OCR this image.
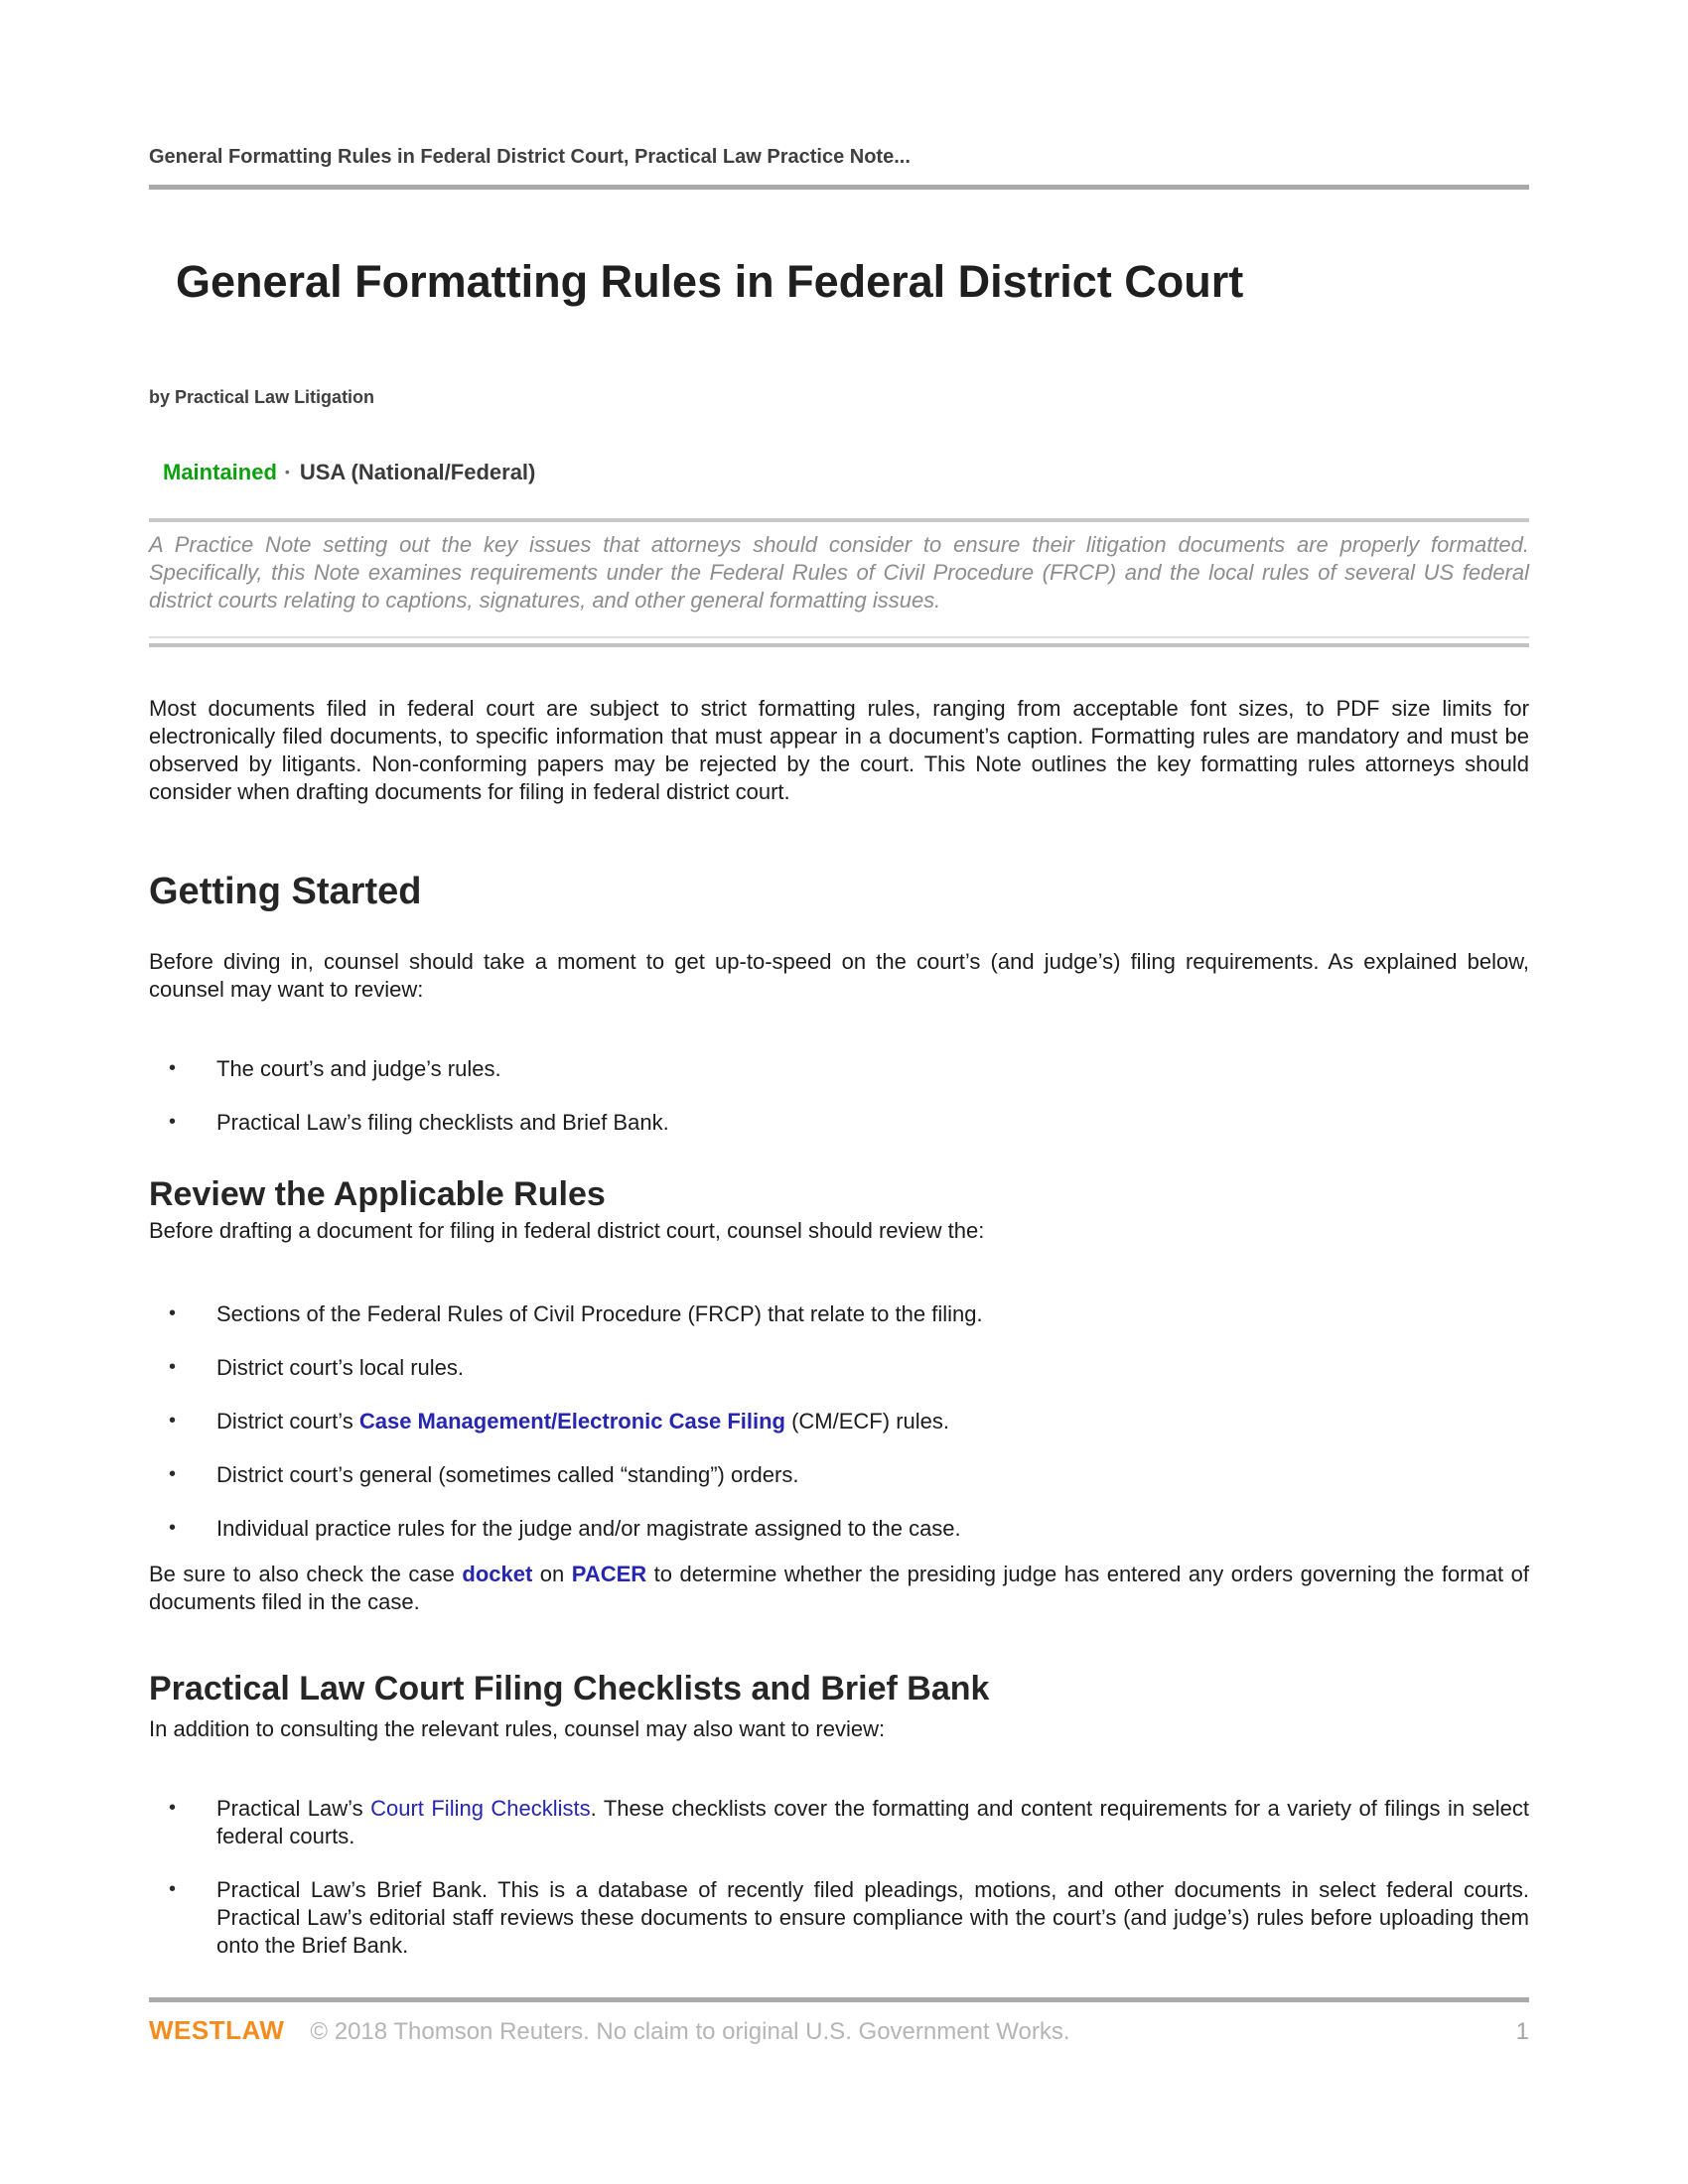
General Formatting Rules in Federal District Court, Practical Law Practice Note...
General Formatting Rules in Federal District Court
by Practical Law Litigation
Maintained • USA (National/Federal)
A Practice Note setting out the key issues that attorneys should consider to ensure their litigation documents are properly formatted. Specifically, this Note examines requirements under the Federal Rules of Civil Procedure (FRCP) and the local rules of several US federal district courts relating to captions, signatures, and other general formatting issues.
Most documents filed in federal court are subject to strict formatting rules, ranging from acceptable font sizes, to PDF size limits for electronically filed documents, to specific information that must appear in a document’s caption. Formatting rules are mandatory and must be observed by litigants. Non-conforming papers may be rejected by the court. This Note outlines the key formatting rules attorneys should consider when drafting documents for filing in federal district court.
Getting Started
Before diving in, counsel should take a moment to get up-to-speed on the court’s (and judge’s) filing requirements. As explained below, counsel may want to review:
• The court’s and judge’s rules.
• Practical Law’s filing checklists and Brief Bank.
Review the Applicable Rules
Before drafting a document for filing in federal district court, counsel should review the:
• Sections of the Federal Rules of Civil Procedure (FRCP) that relate to the filing.
• District court’s local rules.
• District court’s Case Management/Electronic Case Filing (CM/ECF) rules.
• District court’s general (sometimes called “standing”) orders.
• Individual practice rules for the judge and/or magistrate assigned to the case.
Be sure to also check the case docket on PACER to determine whether the presiding judge has entered any orders governing the format of documents filed in the case.
Practical Law Court Filing Checklists and Brief Bank
In addition to consulting the relevant rules, counsel may also want to review:
• Practical Law’s Court Filing Checklists. These checklists cover the formatting and content requirements for a variety of filings in select federal courts.
• Practical Law’s Brief Bank. This is a database of recently filed pleadings, motions, and other documents in select federal courts. Practical Law’s editorial staff reviews these documents to ensure compliance with the court’s (and judge’s) rules before uploading them onto the Brief Bank.
WESTLAW © 2018 Thomson Reuters. No claim to original U.S. Government Works.	1
